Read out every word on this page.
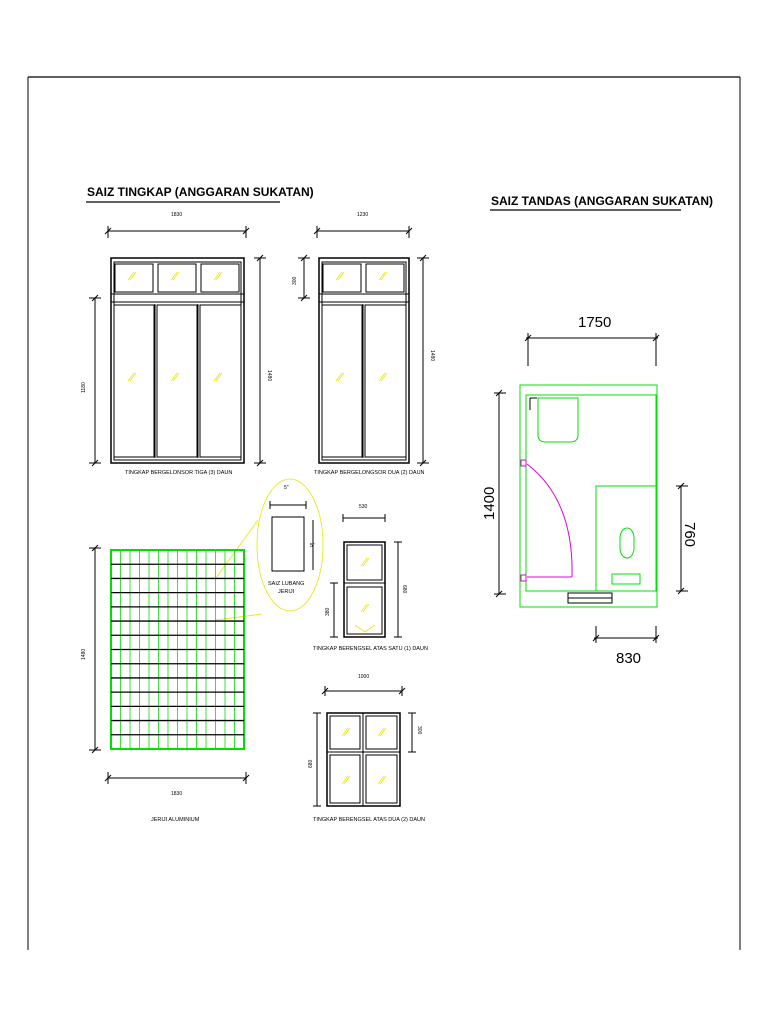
SAIZ TINGKAP (ANGGARAN SUKATAN)
1830
1480
1180
TINGKAP BERGELONSOR TIGA (3) DAUN
1230
300
1480
TINGKAP BERGELONGSOR DUA (2) DAUN
5"
5"
SAIZ LUBANG
JERIJI
1480
1830
JERIJI ALUMINIUM
530
380
680
TINGKAP BERENGSEL ATAS SATU (1) DAUN
1000
680
300
TINGKAP BERENGSEL ATAS DUA (2) DAUN
SAIZ TANDAS (ANGGARAN SUKATAN)
1750
1400
760
830
